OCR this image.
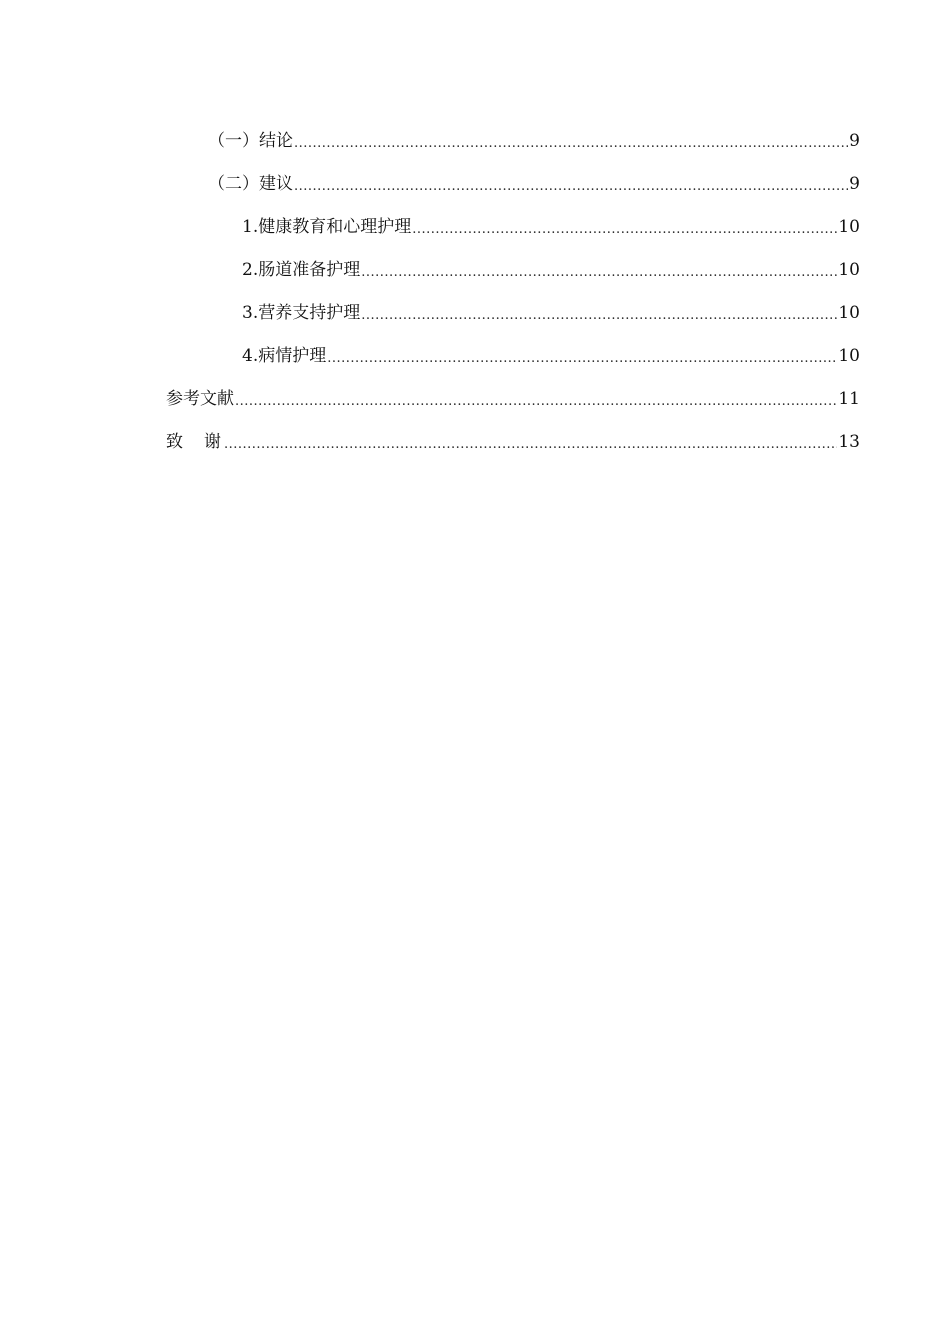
（一）结论 .....	9
（二）建议 .....	9
1.健康教育和心理护理 .....	10
2.肠道准备护理 .....	10
3.营养支持护理 .....	10
4.病情护理 .....	10
参考文献 .....	11
致　谢 .....	13
